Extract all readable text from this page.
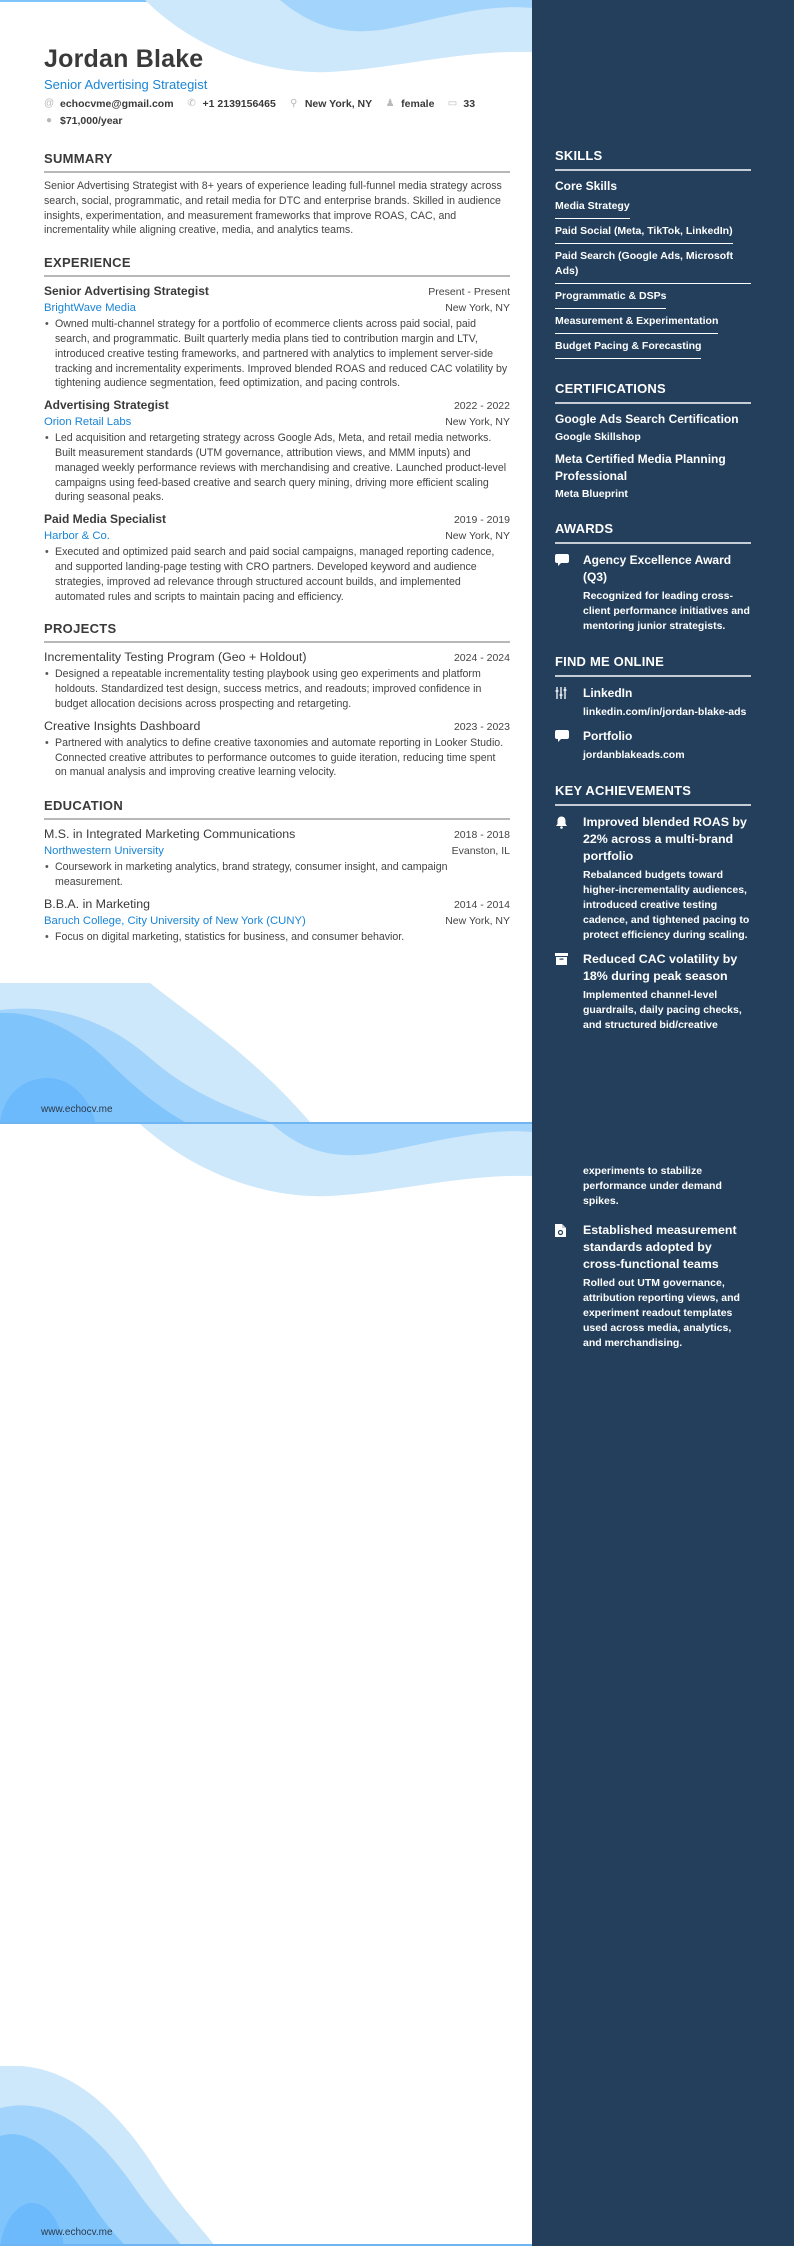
www.echocv.me
www.echocv.me
Jordan Blake
Senior Advertising Strategist
@ echocvme@gmail.com ✆ +1 2139156465 ⚲ New York, NY ♟ female ▭ 33
● $71,000/year
SUMMARY

Senior Advertising Strategist with 8+ years of experience leading full-funnel media strategy across search, social, programmatic, and retail media for DTC and enterprise brands. Skilled in audience insights, experimentation, and measurement frameworks that improve ROAS, CAC, and incrementality while aligning creative, media, and analytics teams.

EXPERIENCE
Senior Advertising Strategist	Present - Present
BrightWave Media	New York, NY
• Owned multi-channel strategy for a portfolio of ecommerce clients across paid social, paid search, and programmatic. Built quarterly media plans tied to contribution margin and LTV, introduced creative testing frameworks, and partnered with analytics to implement server-side tracking and incrementality experiments. Improved blended ROAS and reduced CAC volatility by tightening audience segmentation, feed optimization, and pacing controls.
Advertising Strategist	2022 - 2022
Orion Retail Labs	New York, NY
• Led acquisition and retargeting strategy across Google Ads, Meta, and retail media networks. Built measurement standards (UTM governance, attribution views, and MMM inputs) and managed weekly performance reviews with merchandising and creative. Launched product-level campaigns using feed-based creative and search query mining, driving more efficient scaling during seasonal peaks.
Paid Media Specialist	2019 - 2019
Harbor & Co.	New York, NY
• Executed and optimized paid search and paid social campaigns, managed reporting cadence, and supported landing-page testing with CRO partners. Developed keyword and audience strategies, improved ad relevance through structured account builds, and implemented automated rules and scripts to maintain pacing and efficiency.
PROJECTS
Incrementality Testing Program (Geo + Holdout)	2024 - 2024
• Designed a repeatable incrementality testing playbook using geo experiments and platform holdouts. Standardized test design, success metrics, and readouts; improved confidence in budget allocation decisions across prospecting and retargeting.
Creative Insights Dashboard	2023 - 2023
• Partnered with analytics to define creative taxonomies and automate reporting in Looker Studio. Connected creative attributes to performance outcomes to guide iteration, reducing time spent on manual analysis and improving creative learning velocity.
EDUCATION
M.S. in Integrated Marketing Communications	2018 - 2018
Northwestern University	Evanston, IL
• Coursework in marketing analytics, brand strategy, consumer insight, and campaign measurement.
B.B.A. in Marketing	2014 - 2014
Baruch College, City University of New York (CUNY)	New York, NY
• Focus on digital marketing, statistics for business, and consumer behavior.
SKILLS
Core Skills
Media Strategy
Paid Social (Meta, TikTok, LinkedIn)
Paid Search (Google Ads, Microsoft Ads)
Programmatic & DSPs
Measurement & Experimentation
Budget Pacing & Forecasting
CERTIFICATIONS
Google Ads Search Certification
Google Skillshop
Meta Certified Media Planning Professional
Meta Blueprint
AWARDS
Agency Excellence Award (Q3)
Recognized for leading cross-client performance initiatives and mentoring junior strategists.
FIND ME ONLINE
LinkedIn
linkedin.com/in/jordan-blake-ads
Portfolio
jordanblakeads.com
KEY ACHIEVEMENTS
Improved blended ROAS by 22% across a multi-brand portfolio
Rebalanced budgets toward higher-incrementality audiences, introduced creative testing cadence, and tightened pacing to protect efficiency during scaling.
Reduced CAC volatility by 18% during peak season
Implemented channel-level guardrails, daily pacing checks, and structured bid/creative
experiments to stabilize performance under demand spikes.
Established measurement standards adopted by cross-functional teams
Rolled out UTM governance, attribution reporting views, and experiment readout templates used across media, analytics, and merchandising.
